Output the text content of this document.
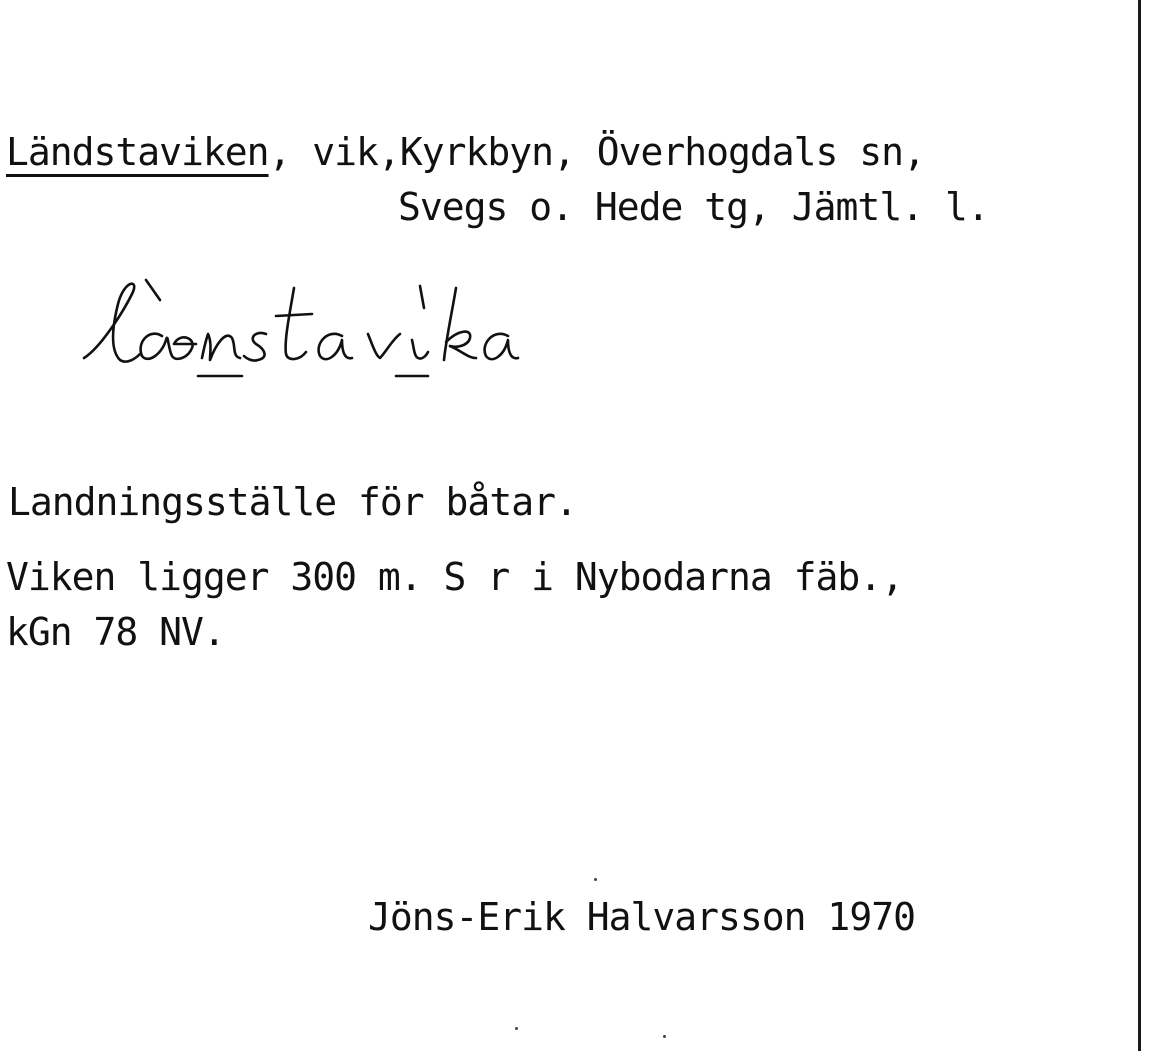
Ländstaviken, vik,Kyrkbyn, Överhogdals sn,
Svegs o. Hede tg, Jämtl. l.
Landningsställe för båtar.
Viken ligger 300 m. S r i Nybodarna fäb.,
kGn 78 NV.
Jöns-Erik Halvarsson 1970
